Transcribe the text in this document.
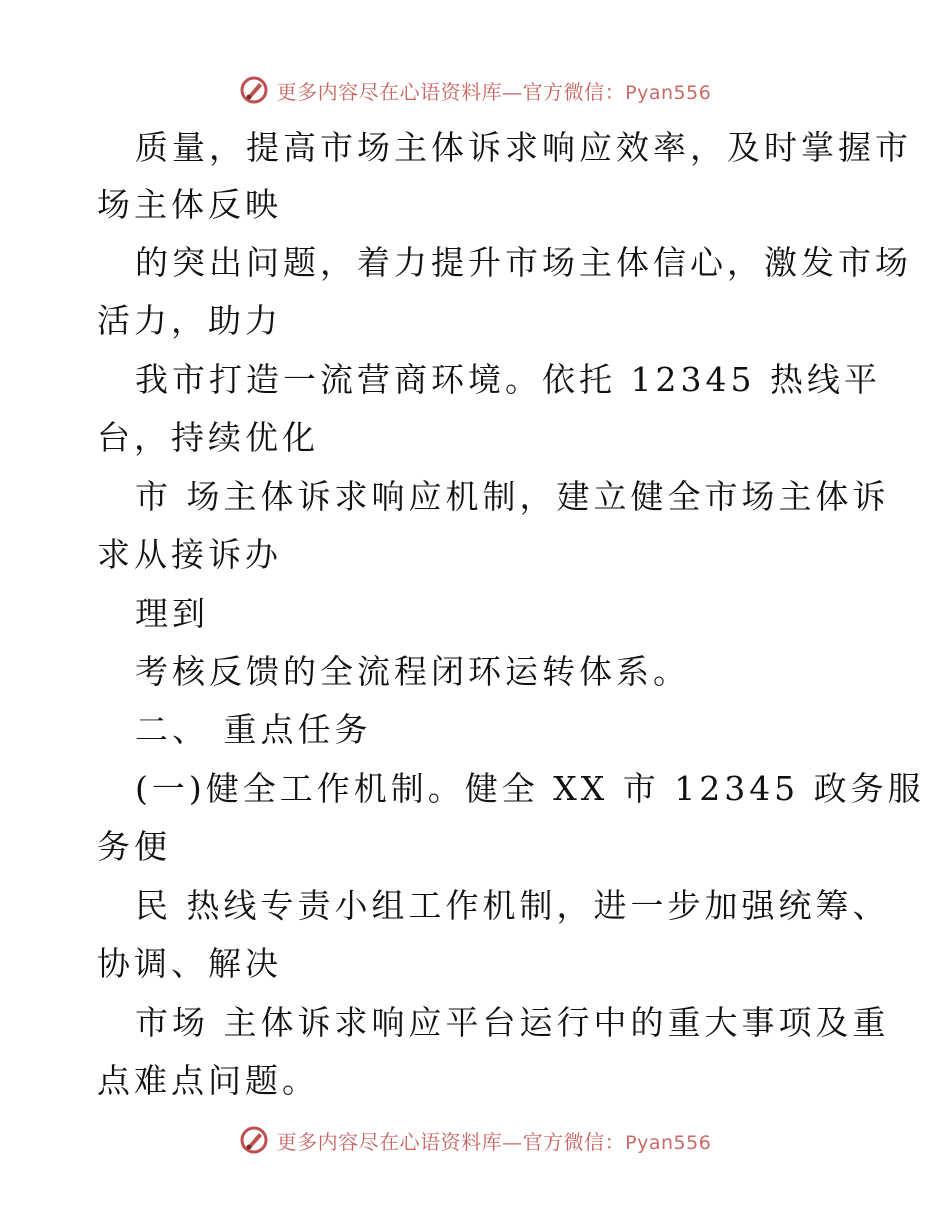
更多内容尽在心语资料库—官方微信：Pyan556
质量，提高市场主体诉求响应效率，及时掌握市
场主体反映
的突出问题，着力提升市场主体信心，激发市场
活力，助力
我市打造一流营商环境。依托 12345 热线平
台，持续优化
市 场主体诉求响应机制，建立健全市场主体诉
求从接诉办
理到
考核反馈的全流程闭环运转体系。
二、 重点任务
(一)健全工作机制。健全 XX 市 12345 政务服
务便
民 热线专责小组工作机制，进一步加强统筹、
协调、解决
市场 主体诉求响应平台运行中的重大事项及重
点难点问题。
更多内容尽在心语资料库—官方微信：Pyan556
